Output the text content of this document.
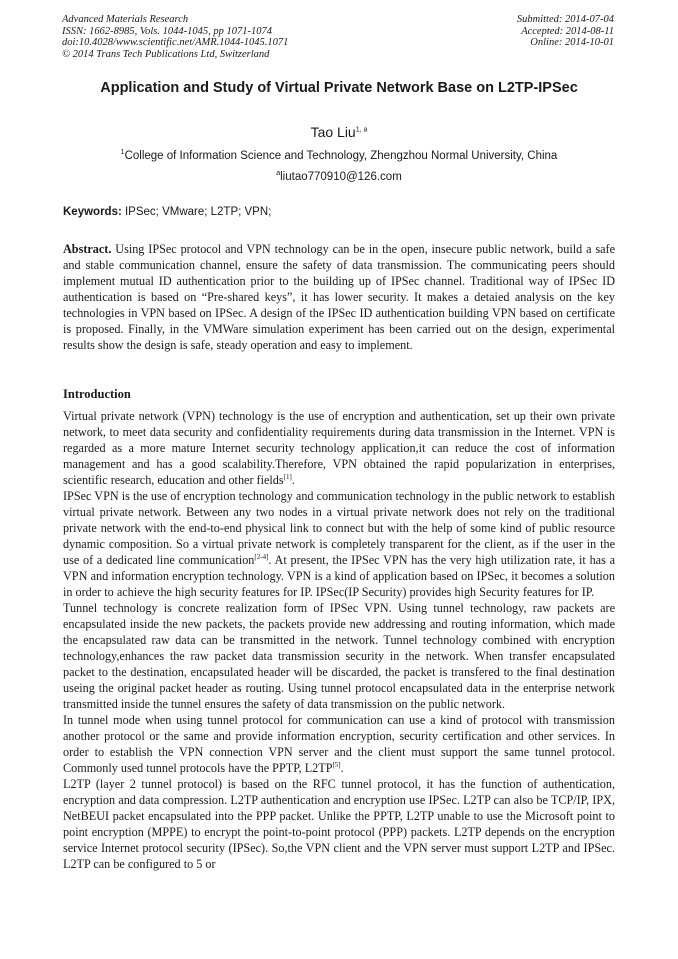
Advanced Materials Research
ISSN: 1662-8985, Vols. 1044-1045, pp 1071-1074
doi:10.4028/www.scientific.net/AMR.1044-1045.1071
© 2014 Trans Tech Publications Ltd, Switzerland
Submitted: 2014-07-04
Accepted: 2014-08-11
Online: 2014-10-01
Application and Study of Virtual Private Network Base on L2TP-IPSec
Tao Liu$^{1, a}$
$^1$College of Information Science and Technology, Zhengzhou Normal University, China
$^a$liutao770910@126.com
Keywords: IPSec; VMware; L2TP; VPN;

Abstract. Using IPSec protocol and VPN technology can be in the open, insecure public network, build a safe and stable communication channel, ensure the safety of data transmission. The communicating peers should implement mutual ID authentication prior to the building up of IPSec channel. Traditional way of IPSec ID authentication is based on “Pre-shared keys”, it has lower security. It makes a detaied analysis on the key technologies in VPN based on IPSec. A design of the IPSec ID authentication building VPN based on certificate is proposed. Finally, in the VMWare simulation experiment has been carried out on the design, experimental results show the design is safe, steady operation and easy to implement.

Introduction

Virtual private network (VPN) technology is the use of encryption and authentication, set up their own private network, to meet data security and confidentiality requirements during data transmission in the Internet. VPN is regarded as a more mature Internet security technology application,it can reduce the cost of information management and has a good scalability.Therefore, VPN obtained the rapid popularization in enterprises, scientific research, education and other fields[1].

IPSec VPN is the use of encryption technology and communication technology in the public network to establish virtual private network. Between any two nodes in a virtual private network does not rely on the traditional private network with the end-to-end physical link to connect but with the help of some kind of public resource dynamic composition. So a virtual private network is completely transparent for the client, as if the user in the use of a dedicated line communication[2-4]. At present, the IPSec VPN has the very high utilization rate, it has a VPN and information encryption technology. VPN is a kind of application based on IPSec, it becomes a solution in order to achieve the high security features for IP. IPSec(IP Security) provides high Security features for IP.

Tunnel technology is concrete realization form of IPSec VPN. Using tunnel technology, raw packets are encapsulated inside the new packets, the packets provide new addressing and routing information, which made the encapsulated raw data can be transmitted in the network. Tunnel technology combined with encryption technology,enhances the raw packet data transmission security in the network. When transfer encapsulated packet to the destination, encapsulated header will be discarded, the packet is transfered to the final destination useing the original packet header as routing. Using tunnel protocol encapsulated data in the enterprise network transmitted inside the tunnel ensures the safety of data transmission on the public network.

In tunnel mode when using tunnel protocol for communication can use a kind of protocol with transmission another protocol or the same and provide information encryption, security certification and other services. In order to establish the VPN connection VPN server and the client must support the same tunnel protocol. Commonly used tunnel protocols have the PPTP, L2TP[5].

L2TP (layer 2 tunnel protocol) is based on the RFC tunnel protocol, it has the function of authentication, encryption and data compression. L2TP authentication and encryption use IPSec. L2TP can also be TCP/IP, IPX, NetBEUI packet encapsulated into the PPP packet. Unlike the PPTP, L2TP unable to use the Microsoft point to point encryption (MPPE) to encrypt the point-to-point protocol (PPP) packets. L2TP depends on the encryption service Internet protocol security (IPSec). So,the VPN client and the VPN server must support L2TP and IPSec. L2TP can be configured to 5 or
